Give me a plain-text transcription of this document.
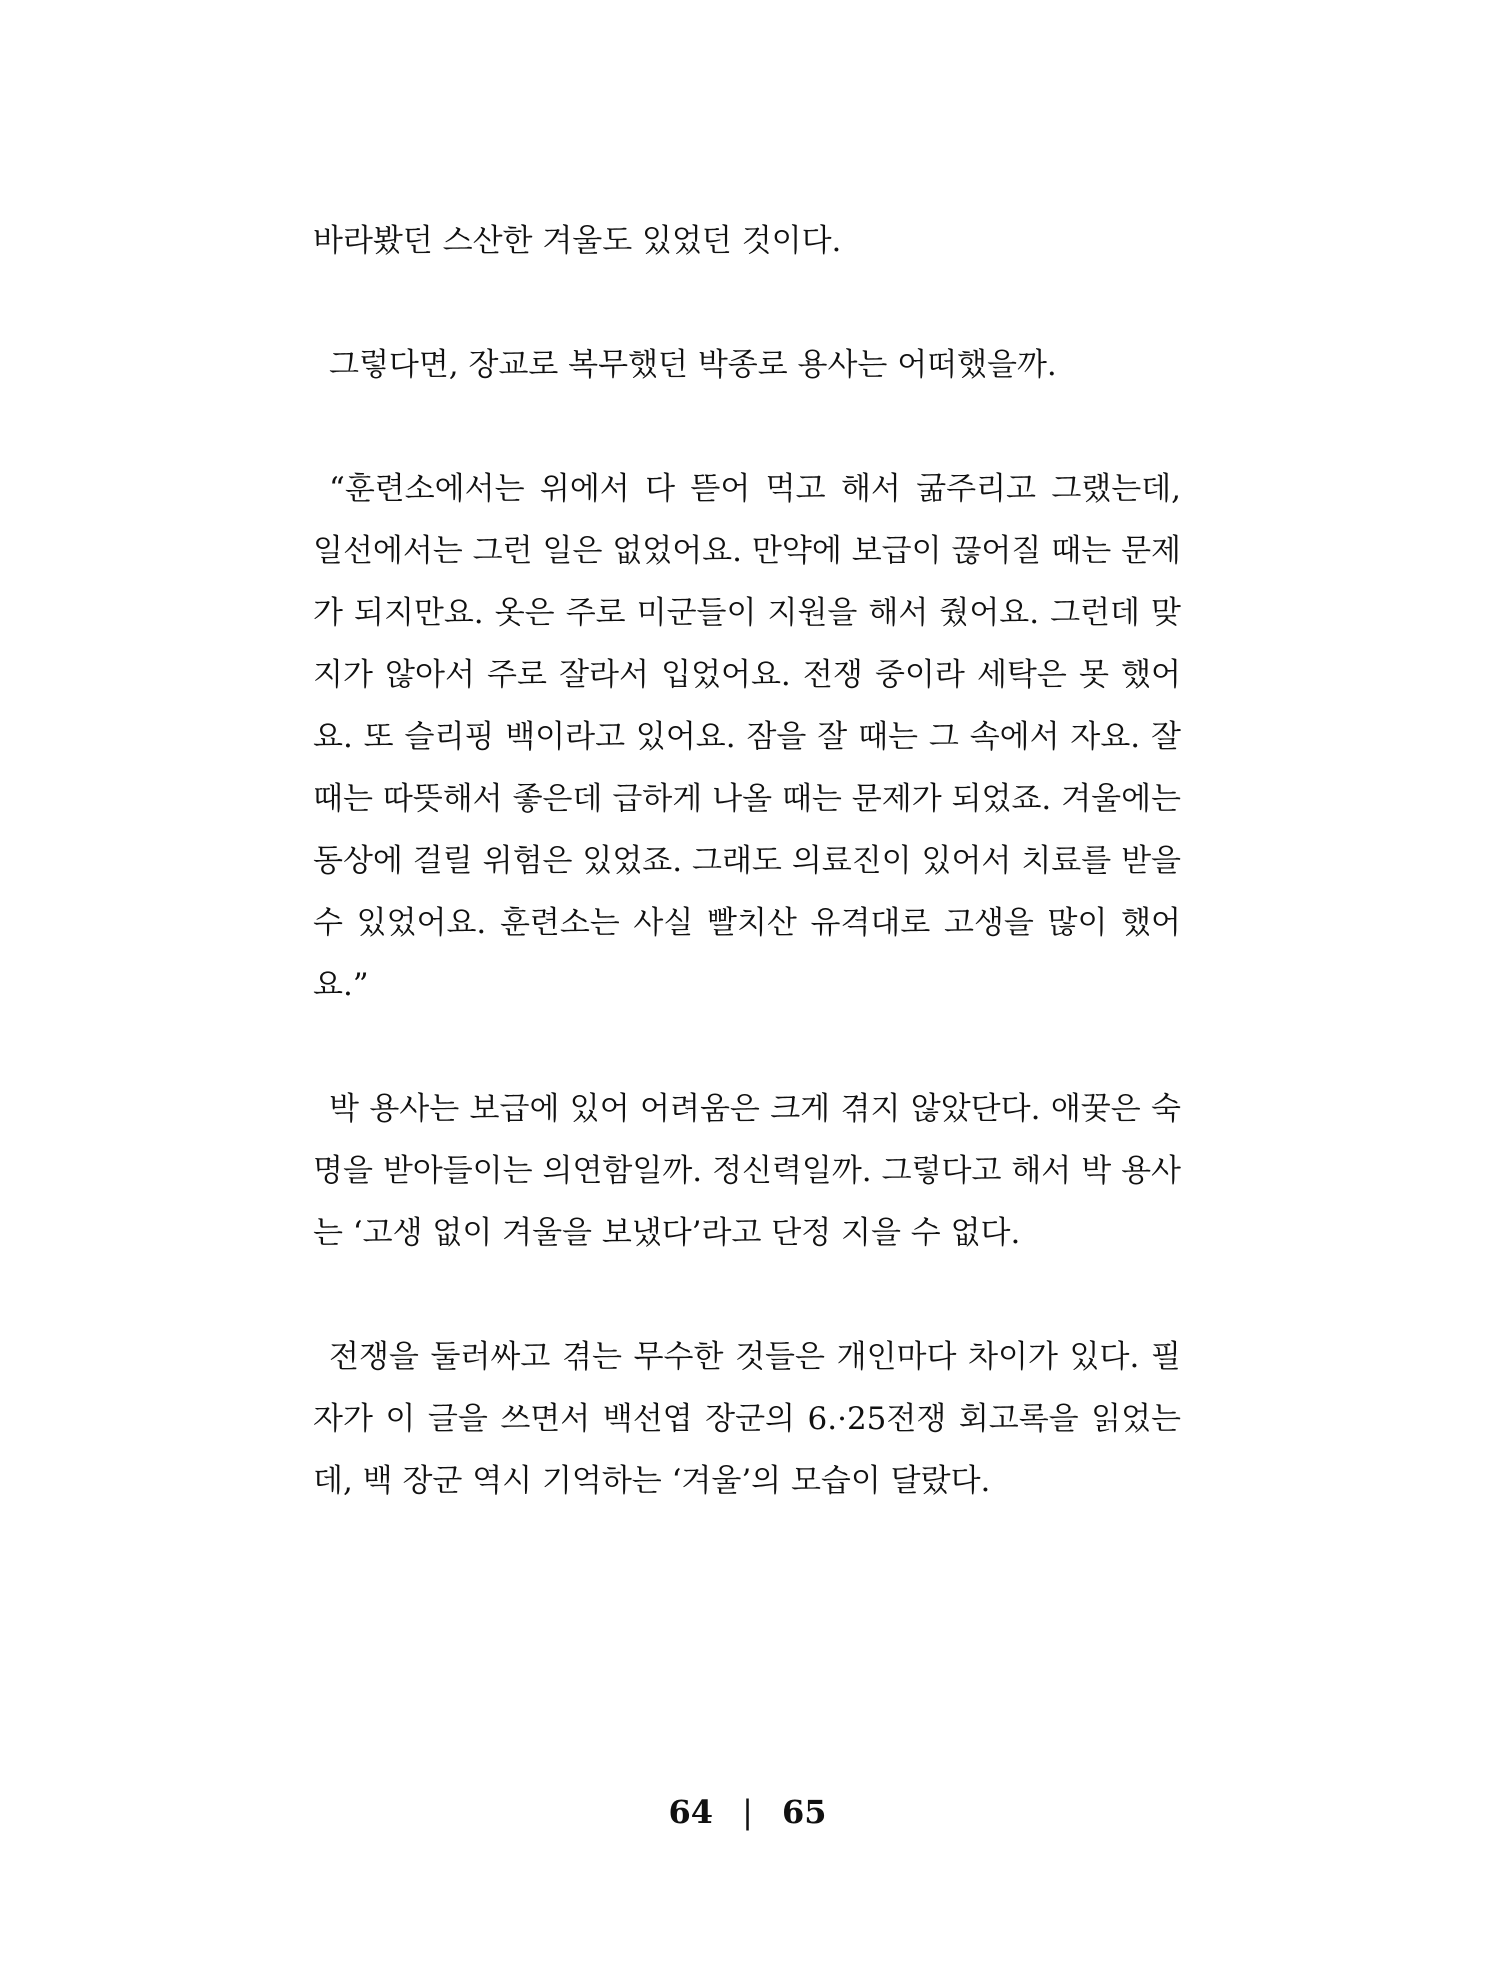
바라봤던 스산한 겨울도 있었던 것이다.

그렇다면, 장교로 복무했던 박종로 용사는 어떠했을까.

“훈련소에서는 위에서 다 뜯어 먹고 해서 굶주리고 그랬는데, 일선에서는 그런 일은 없었어요. 만약에 보급이 끊어질 때는 문제가 되지만요. 옷은 주로 미군들이 지원을 해서 줬어요. 그런데 맞지가 않아서 주로 잘라서 입었어요. 전쟁 중이라 세탁은 못 했어요. 또 슬리핑 백이라고 있어요. 잠을 잘 때는 그 속에서 자요. 잘 때는 따뜻해서 좋은데 급하게 나올 때는 문제가 되었죠. 겨울에는 동상에 걸릴 위험은 있었죠. 그래도 의료진이 있어서 치료를 받을 수 있었어요. 훈련소는 사실 빨치산 유격대로 고생을 많이 했어요.”

박 용사는 보급에 있어 어려움은 크게 겪지 않았단다. 애꿎은 숙명을 받아들이는 의연함일까. 정신력일까. 그렇다고 해서 박 용사는 ‘고생 없이 겨울을 보냈다’라고 단정 지을 수 없다.

전쟁을 둘러싸고 겪는 무수한 것들은 개인마다 차이가 있다. 필자가 이 글을 쓰면서 백선엽 장군의 6.·25전쟁 회고록을 읽었는데, 백 장군 역시 기억하는 ‘겨울’의 모습이 달랐다.

64 | 65
